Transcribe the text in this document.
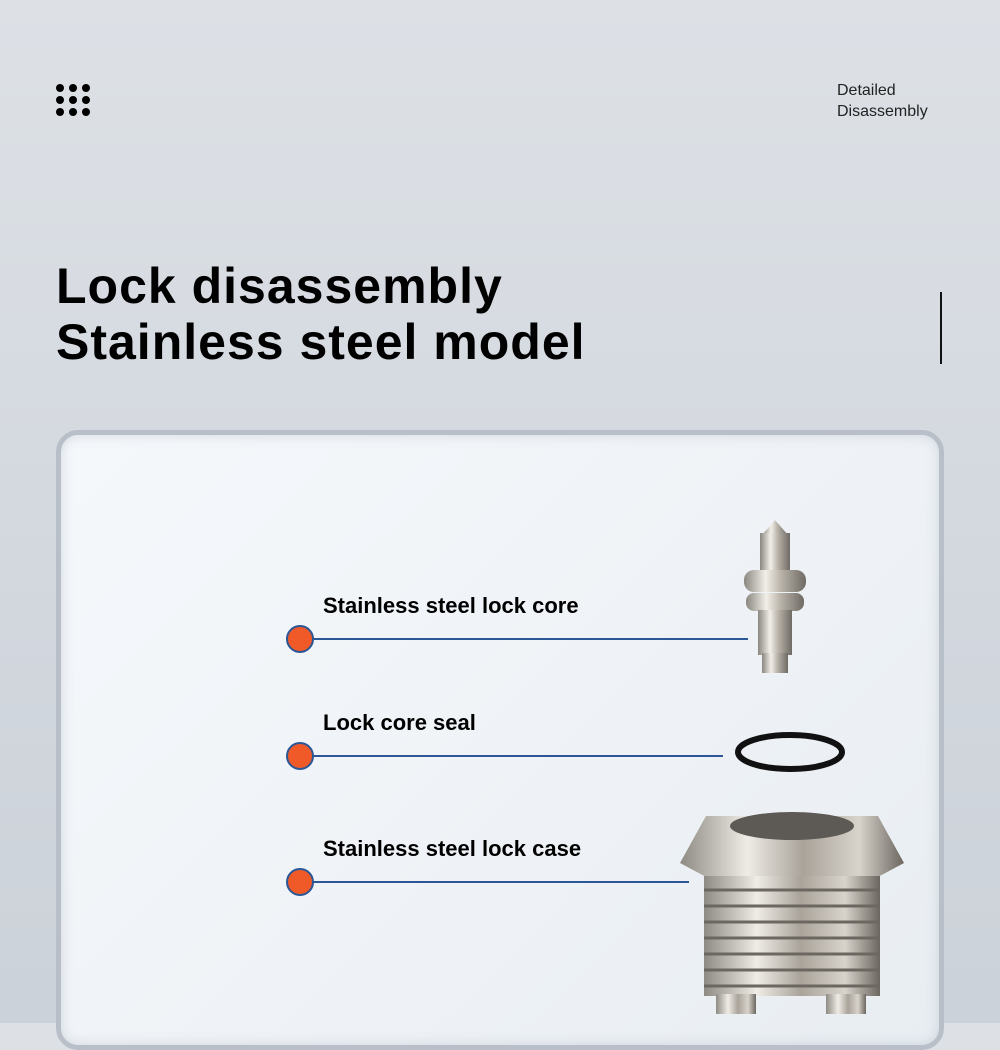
Detailed
Disassembly
Lock disassembly
Stainless steel model
Stainless steel lock core
Lock core seal
Stainless steel lock case
